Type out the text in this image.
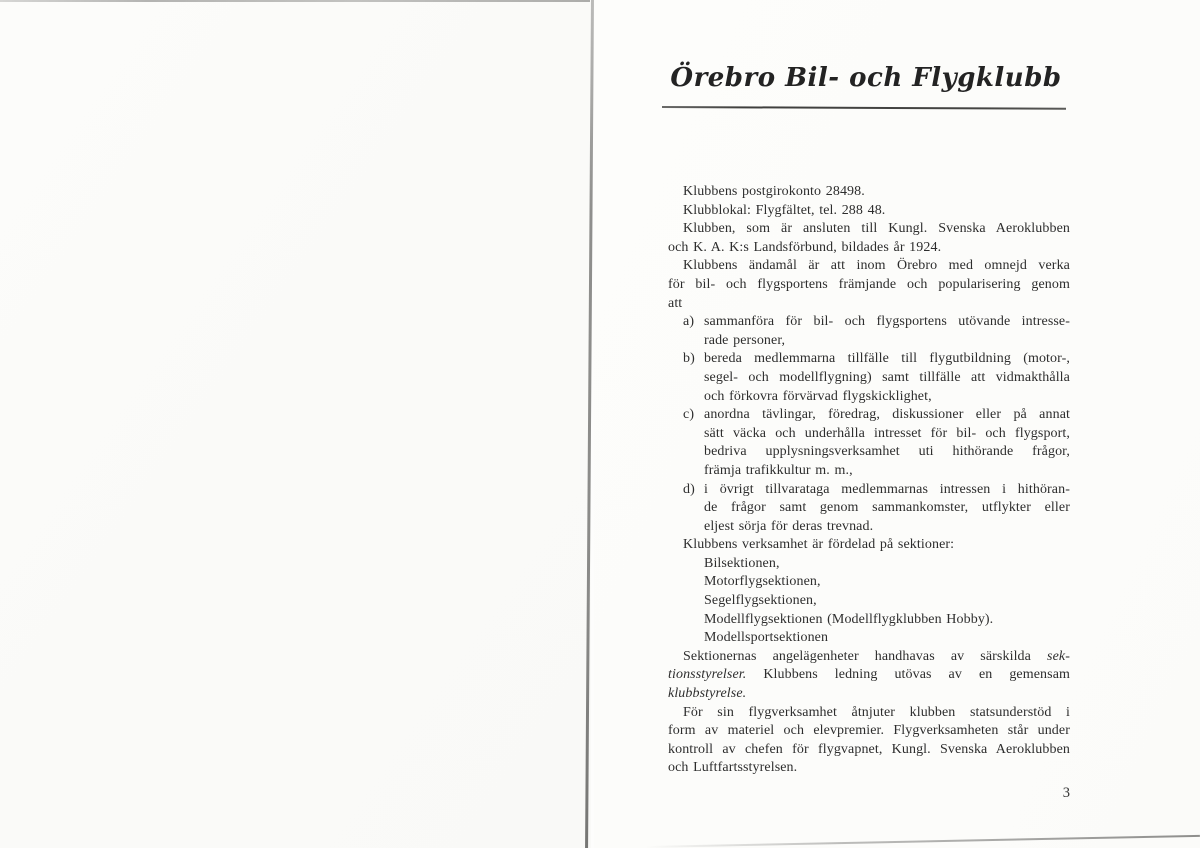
Örebro Bil- och Flygklubb
Klubbens postgirokonto 28498.
Klubblokal: Flygfältet, tel. 288 48.
Klubben, som är ansluten till Kungl. Svenska Aeroklubben
och K. A. K:s Landsförbund, bildades år 1924.
Klubbens ändamål är att inom Örebro med omnejd verka
för bil- och flygsportens främjande och popularisering genom
att
a) sammanföra för bil- och flygsportens utövande intresse-
rade personer,
b) bereda medlemmarna tillfälle till flygutbildning (motor-,
segel- och modellflygning) samt tillfälle att vidmakthålla
och förkovra förvärvad flygskicklighet,
c) anordna tävlingar, föredrag, diskussioner eller på annat
sätt väcka och underhålla intresset för bil- och flygsport,
bedriva upplysningsverksamhet uti hithörande frågor,
främja trafikkultur m. m.,
d) i övrigt tillvarataga medlemmarnas intressen i hithöran-
de frågor samt genom sammankomster, utflykter eller
eljest sörja för deras trevnad.
Klubbens verksamhet är fördelad på sektioner:
Bilsektionen,
Motorflygsektionen,
Segelflygsektionen,
Modellflygsektionen (Modellflygklubben Hobby).
Modellsportsektionen
Sektionernas angelägenheter handhavas av särskilda sek-
tionsstyrelser. Klubbens ledning utövas av en gemensam
klubbstyrelse.
För sin flygverksamhet åtnjuter klubben statsunderstöd i
form av materiel och elevpremier. Flygverksamheten står under
kontroll av chefen för flygvapnet, Kungl. Svenska Aeroklubben
och Luftfartsstyrelsen.
3
